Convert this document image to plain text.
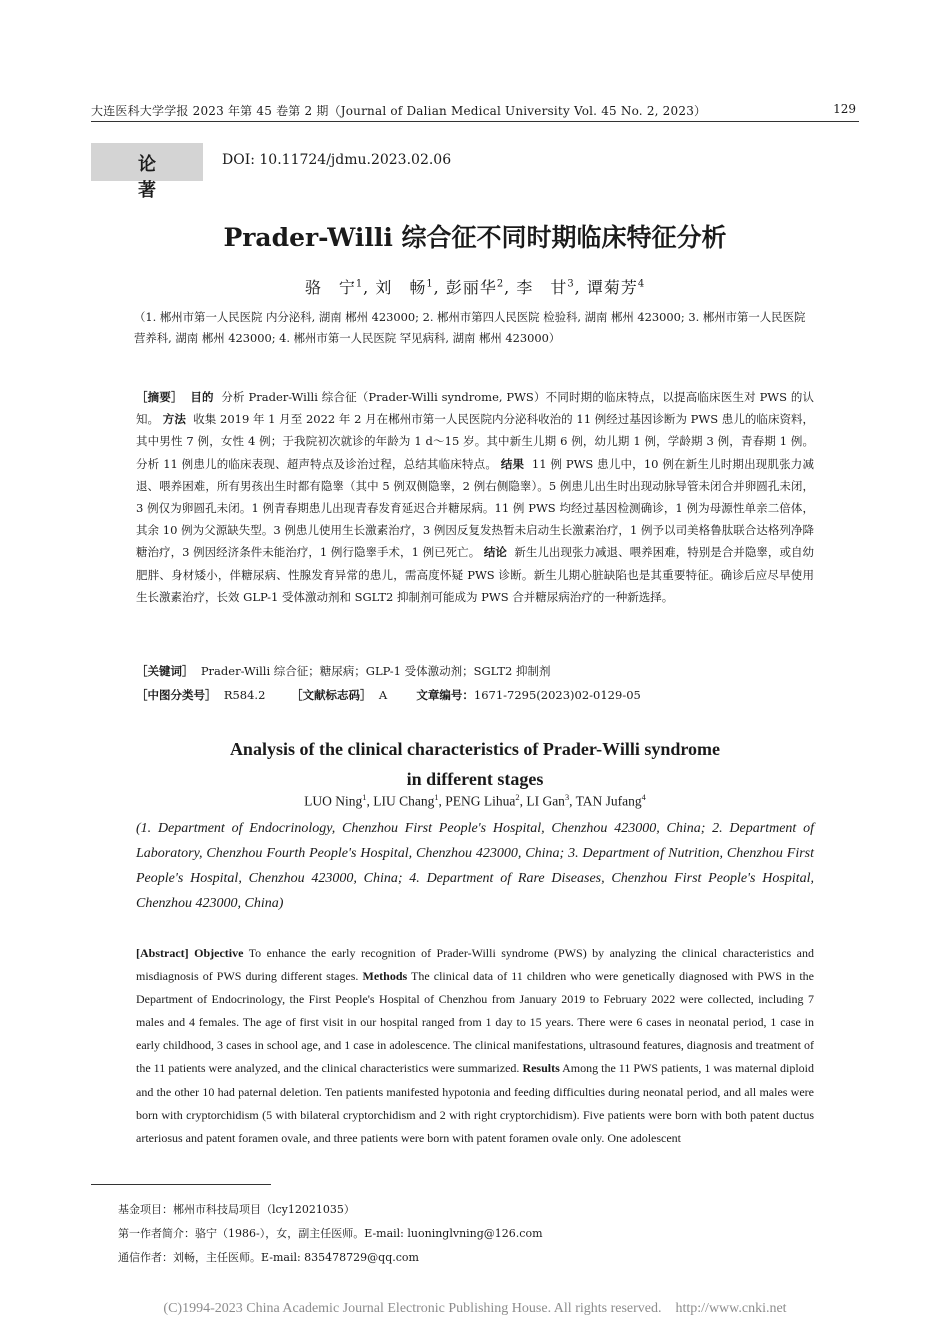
大连医科大学学报 2023 年第 45 卷第 2 期（Journal of Dalian Medical University Vol. 45 No. 2, 2023）	129
论　著
DOI: 10.11724/jdmu.2023.02.06
Prader-Willi 综合征不同时期临床特征分析
骆　宁$^1$, 刘　畅$^1$, 彭丽华$^2$, 李　甘$^3$, 谭菊芳$^4$

（1. 郴州市第一人民医院 内分泌科, 湖南 郴州 423000; 2. 郴州市第四人民医院 检验科, 湖南 郴州 423000; 3. 郴州市第一人民医院 营养科, 湖南 郴州 423000; 4. 郴州市第一人民医院 罕见病科, 湖南 郴州 423000）

［摘要］ 目的 分析 Prader-Willi 综合征（Prader-Willi syndrome, PWS）不同时期的临床特点，以提高临床医生对 PWS 的认知。 方法 收集 2019 年 1 月至 2022 年 2 月在郴州市第一人民医院内分泌科收治的 11 例经过基因诊断为 PWS 患儿的临床资料，其中男性 7 例，女性 4 例；于我院初次就诊的年龄为 1 d～15 岁。其中新生儿期 6 例，幼儿期 1 例，学龄期 3 例，青春期 1 例。分析 11 例患儿的临床表现、超声特点及诊治过程，总结其临床特点。 结果 11 例 PWS 患儿中，10 例在新生儿时期出现肌张力减退、喂养困难，所有男孩出生时都有隐睾（其中 5 例双侧隐睾，2 例右侧隐睾）。5 例患儿出生时出现动脉导管未闭合并卵圆孔未闭，3 例仅为卵圆孔未闭。1 例青春期患儿出现青春发育延迟合并糖尿病。11 例 PWS 均经过基因检测确诊，1 例为母源性单亲二倍体，其余 10 例为父源缺失型。3 例患儿使用生长激素治疗，3 例因反复发热暂未启动生长激素治疗，1 例予以司美格鲁肽联合达格列净降糖治疗，3 例因经济条件未能治疗，1 例行隐睾手术，1 例已死亡。 结论 新生儿出现张力减退、喂养困难，特别是合并隐睾，或自幼肥胖、身材矮小，伴糖尿病、性腺发育异常的患儿，需高度怀疑 PWS 诊断。新生儿期心脏缺陷也是其重要特征。确诊后应尽早使用生长激素治疗，长效 GLP-1 受体激动剂和 SGLT2 抑制剂可能成为 PWS 合并糖尿病治疗的一种新选择。

［关键词］ Prader-Willi 综合征；糖尿病；GLP-1 受体激动剂；SGLT2 抑制剂
［中图分类号］ R584.2 ［文献标志码］ A	文章编号：1671-7295(2023)02-0129-05
Analysis of the clinical characteristics of Prader-Willi syndrome
in different stages
LUO Ning$^1$, LIU Chang$^1$, PENG Lihua$^2$, LI Gan$^3$, TAN Jufang$^4$

(1. Department of Endocrinology, Chenzhou First People's Hospital, Chenzhou 423000, China; 2. Department of Laboratory, Chenzhou Fourth People's Hospital, Chenzhou 423000, China; 3. Department of Nutrition, Chenzhou First People's Hospital, Chenzhou 423000, China; 4. Department of Rare Diseases, Chenzhou First People's Hospital, Chenzhou 423000, China)

[Abstract] Objective To enhance the early recognition of Prader-Willi syndrome (PWS) by analyzing the clinical characteristics and misdiagnosis of PWS during different stages. Methods The clinical data of 11 children who were genetically diagnosed with PWS in the Department of Endocrinology, the First People's Hospital of Chenzhou from January 2019 to February 2022 were collected, including 7 males and 4 females. The age of first visit in our hospital ranged from 1 day to 15 years. There were 6 cases in neonatal period, 1 case in early childhood, 3 cases in school age, and 1 case in adolescence. The clinical manifestations, ultrasound features, diagnosis and treatment of the 11 patients were analyzed, and the clinical characteristics were summarized. Results Among the 11 PWS patients, 1 was maternal diploid and the other 10 had paternal deletion. Ten patients manifested hypotonia and feeding difficulties during neonatal period, and all males were born with cryptorchidism (5 with bilateral cryptorchidism and 2 with right cryptorchidism). Five patients were born with both patent ductus arteriosus and patent foramen ovale, and three patients were born with patent foramen ovale only. One adolescent

基金项目：郴州市科技局项目（lcy12021035）
第一作者简介：骆宁（1986-），女，副主任医师。E-mail: luoninglvning@126.com
通信作者：刘畅，主任医师。E-mail: 835478729@qq.com
(C)1994-2023 China Academic Journal Electronic Publishing House. All rights reserved.　http://www.cnki.net
